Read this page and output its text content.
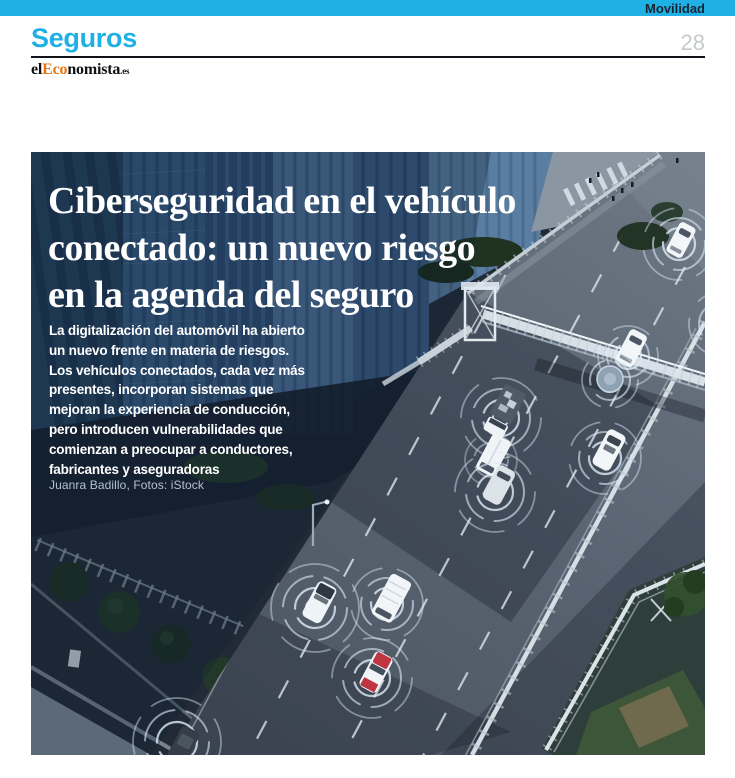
Movilidad
Seguros	28
elEconomista.es
Ciberseguridad en el vehículo
conectado: un nuevo riesgo
en la agenda del seguro
La digitalización del automóvil ha abierto
un nuevo frente en materia de riesgos.
Los vehículos conectados, cada vez más
presentes, incorporan sistemas que
mejoran la experiencia de conducción,
pero introducen vulnerabilidades que
comienzan a preocupar a conductores,
fabricantes y aseguradoras
Juanra Badillo, Fotos: iStock
